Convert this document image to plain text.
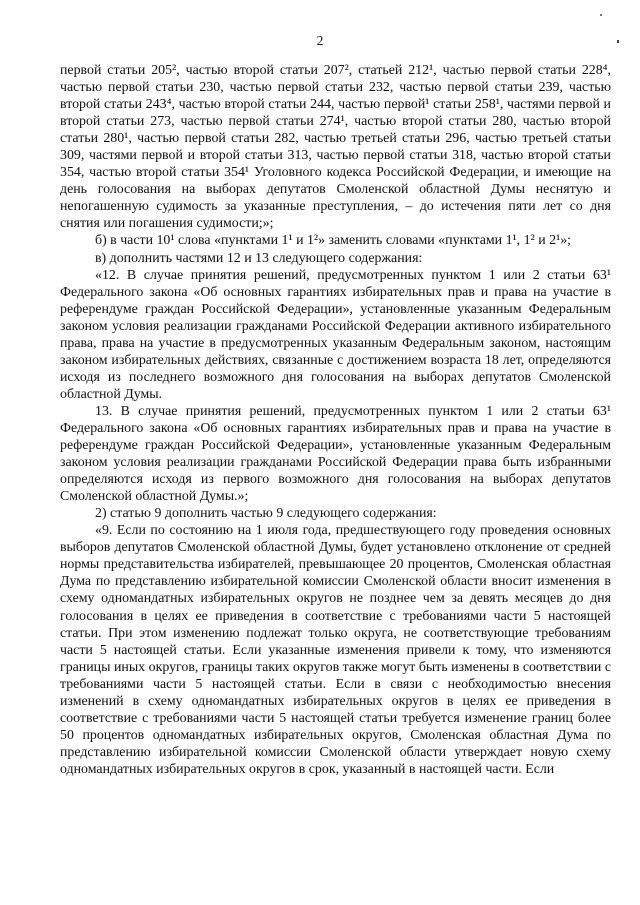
2

первой статьи 205², частью второй статьи 207², статьей 212¹, частью первой статьи 228⁴, частью первой статьи 230, частью первой статьи 232, частью первой статьи 239, частью второй статьи 243⁴, частью второй статьи 244, частью первой¹ статьи 258¹, частями первой и второй статьи 273, частью первой статьи 274¹, частью второй статьи 280, частью второй статьи 280¹, частью первой статьи 282, частью третьей статьи 296, частью третьей статьи 309, частями первой и второй статьи 313, частью первой статьи 318, частью второй статьи 354, частью второй статьи 354¹ Уголовного кодекса Российской Федерации, и имеющие на день голосования на выборах депутатов Смоленской областной Думы неснятую и непогашенную судимость за указанные преступления, – до истечения пяти лет со дня снятия или погашения судимости;»;

б) в части 10¹ слова «пунктами 1¹ и 1²» заменить словами «пунктами 1¹, 1² и 2¹»;

в) дополнить частями 12 и 13 следующего содержания:

«12. В случае принятия решений, предусмотренных пунктом 1 или 2 статьи 63¹ Федерального закона «Об основных гарантиях избирательных прав и права на участие в референдуме граждан Российской Федерации», установленные указанным Федеральным законом условия реализации гражданами Российской Федерации активного избирательного права, права на участие в предусмотренных указанным Федеральным законом, настоящим законом избирательных действиях, связанные с достижением возраста 18 лет, определяются исходя из последнего возможного дня голосования на выборах депутатов Смоленской областной Думы.

13. В случае принятия решений, предусмотренных пунктом 1 или 2 статьи 63¹ Федерального закона «Об основных гарантиях избирательных прав и права на участие в референдуме граждан Российской Федерации», установленные указанным Федеральным законом условия реализации гражданами Российской Федерации права быть избранными определяются исходя из первого возможного дня голосования на выборах депутатов Смоленской областной Думы.»;

2) статью 9 дополнить частью 9 следующего содержания:

«9. Если по состоянию на 1 июля года, предшествующего году проведения основных выборов депутатов Смоленской областной Думы, будет установлено отклонение от средней нормы представительства избирателей, превышающее 20 процентов, Смоленская областная Дума по представлению избирательной комиссии Смоленской области вносит изменения в схему одномандатных избирательных округов не позднее чем за девять месяцев до дня голосования в целях ее приведения в соответствие с требованиями части 5 настоящей статьи. При этом изменению подлежат только округа, не соответствующие требованиям части 5 настоящей статьи. Если указанные изменения привели к тому, что изменяются границы иных округов, границы таких округов также могут быть изменены в соответствии с требованиями части 5 настоящей статьи. Если в связи с необходимостью внесения изменений в схему одномандатных избирательных округов в целях ее приведения в соответствие с требованиями части 5 настоящей статьи требуется изменение границ более 50 процентов одномандатных избирательных округов, Смоленская областная Дума по представлению избирательной комиссии Смоленской области утверждает новую схему одномандатных избирательных округов в срок, указанный в настоящей части. Если
